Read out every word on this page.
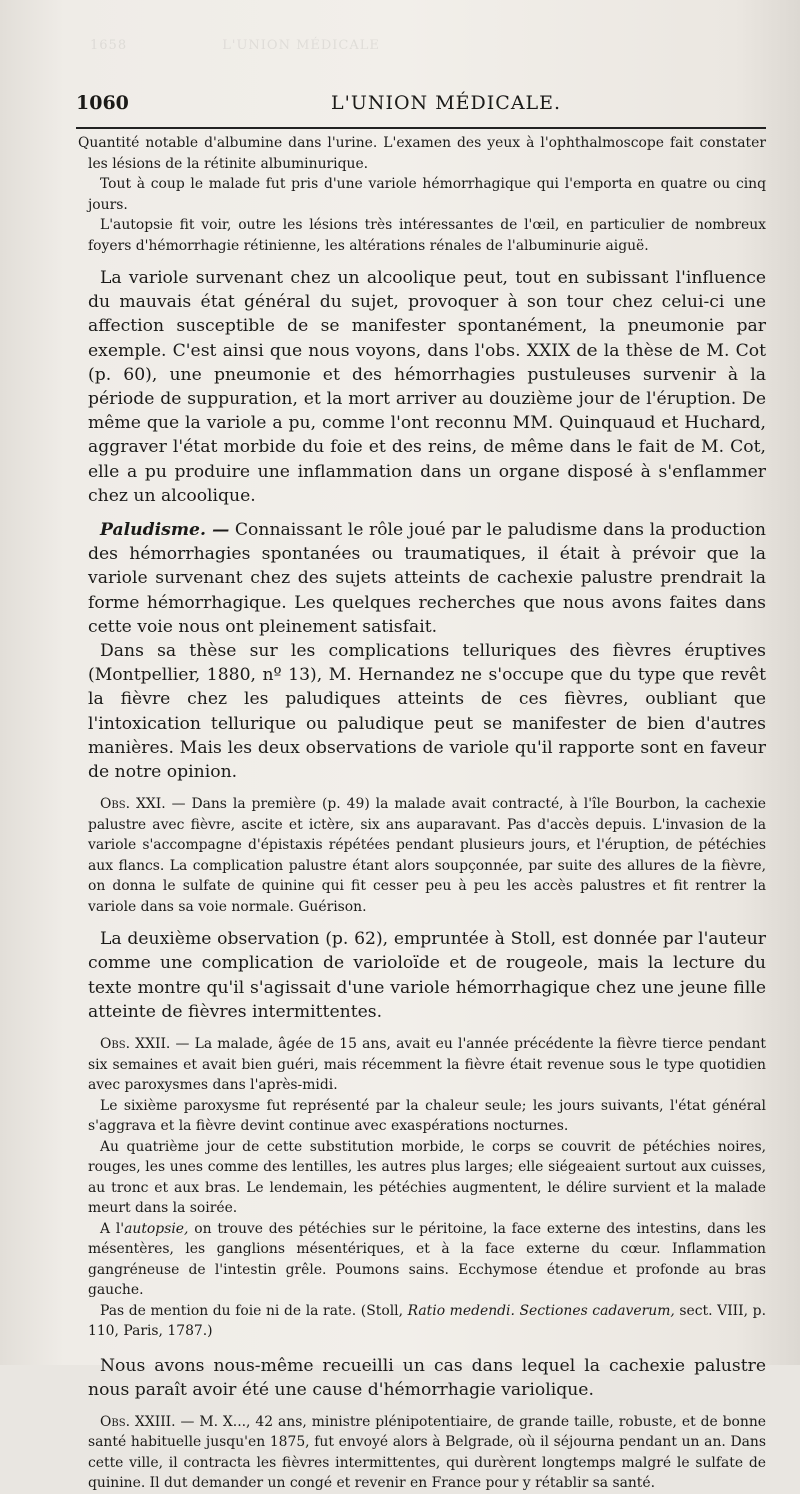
1658	L'UNION MÉDICALE
1060	L'UNION MÉDICALE.

Quantité notable d'albumine dans l'urine. L'examen des yeux à l'ophthalmoscope fait constater les lésions de la rétinite albuminurique.

Tout à coup le malade fut pris d'une variole hémorrhagique qui l'emporta en quatre ou cinq jours.

L'autopsie fit voir, outre les lésions très intéressantes de l'œil, en particulier de nombreux foyers d'hémorrhagie rétinienne, les altérations rénales de l'albuminurie aiguë.

La variole survenant chez un alcoolique peut, tout en subissant l'influence du mauvais état général du sujet, provoquer à son tour chez celui-ci une affection susceptible de se manifester spontanément, la pneumonie par exemple. C'est ainsi que nous voyons, dans l'obs. XXIX de la thèse de M. Cot (p. 60), une pneumonie et des hémorrhagies pustuleuses survenir à la période de suppuration, et la mort arriver au douzième jour de l'éruption. De même que la variole a pu, comme l'ont reconnu MM. Quinquaud et Huchard, aggraver l'état morbide du foie et des reins, de même dans le fait de M. Cot, elle a pu produire une inflammation dans un organe disposé à s'enflammer chez un alcoolique.

Paludisme. — Connaissant le rôle joué par le paludisme dans la production des hémorrhagies spontanées ou traumatiques, il était à prévoir que la variole survenant chez des sujets atteints de cachexie palustre prendrait la forme hémorrhagique. Les quelques recherches que nous avons faites dans cette voie nous ont pleinement satisfait.

Dans sa thèse sur les complications telluriques des fièvres éruptives (Montpellier, 1880, nº 13), M. Hernandez ne s'occupe que du type que revêt la fièvre chez les paludiques atteints de ces fièvres, oubliant que l'intoxication tellurique ou paludique peut se manifester de bien d'autres manières. Mais les deux observations de variole qu'il rapporte sont en faveur de notre opinion.

Obs. XXI. — Dans la première (p. 49) la malade avait contracté, à l'île Bourbon, la cachexie palustre avec fièvre, ascite et ictère, six ans auparavant. Pas d'accès depuis. L'invasion de la variole s'accompagne d'épistaxis répétées pendant plusieurs jours, et l'éruption, de pétéchies aux flancs. La complication palustre étant alors soupçonnée, par suite des allures de la fièvre, on donna le sulfate de quinine qui fit cesser peu à peu les accès palustres et fit rentrer la variole dans sa voie normale. Guérison.

La deuxième observation (p. 62), empruntée à Stoll, est donnée par l'auteur comme une complication de varioloïde et de rougeole, mais la lecture du texte montre qu'il s'agissait d'une variole hémorrhagique chez une jeune fille atteinte de fièvres intermittentes.

Obs. XXII. — La malade, âgée de 15 ans, avait eu l'année précédente la fièvre tierce pendant six semaines et avait bien guéri, mais récemment la fièvre était revenue sous le type quotidien avec paroxysmes dans l'après-midi.

Le sixième paroxysme fut représenté par la chaleur seule; les jours suivants, l'état général s'aggrava et la fièvre devint continue avec exaspérations nocturnes.

Au quatrième jour de cette substitution morbide, le corps se couvrit de pétéchies noires, rouges, les unes comme des lentilles, les autres plus larges; elle siégeaient surtout aux cuisses, au tronc et aux bras. Le lendemain, les pétéchies augmentent, le délire survient et la malade meurt dans la soirée.

A l'autopsie, on trouve des pétéchies sur le péritoine, la face externe des intestins, dans les mésentères, les ganglions mésentériques, et à la face externe du cœur. Inflammation gangréneuse de l'intestin grêle. Poumons sains. Ecchymose étendue et profonde au bras gauche.

Pas de mention du foie ni de la rate. (Stoll, Ratio medendi. Sectiones cadaverum, sect. VIII, p. 110, Paris, 1787.)

Nous avons nous-même recueilli un cas dans lequel la cachexie palustre nous paraît avoir été une cause d'hémorrhagie variolique.

Obs. XXIII. — M. X..., 42 ans, ministre plénipotentiaire, de grande taille, robuste, et de bonne santé habituelle jusqu'en 1875, fut envoyé alors à Belgrade, où il séjourna pendant un an. Dans cette ville, il contracta les fièvres intermittentes, qui durèrent longtemps malgré le sulfate de quinine. Il dut demander un congé et revenir en France pour y rétablir sa santé.
